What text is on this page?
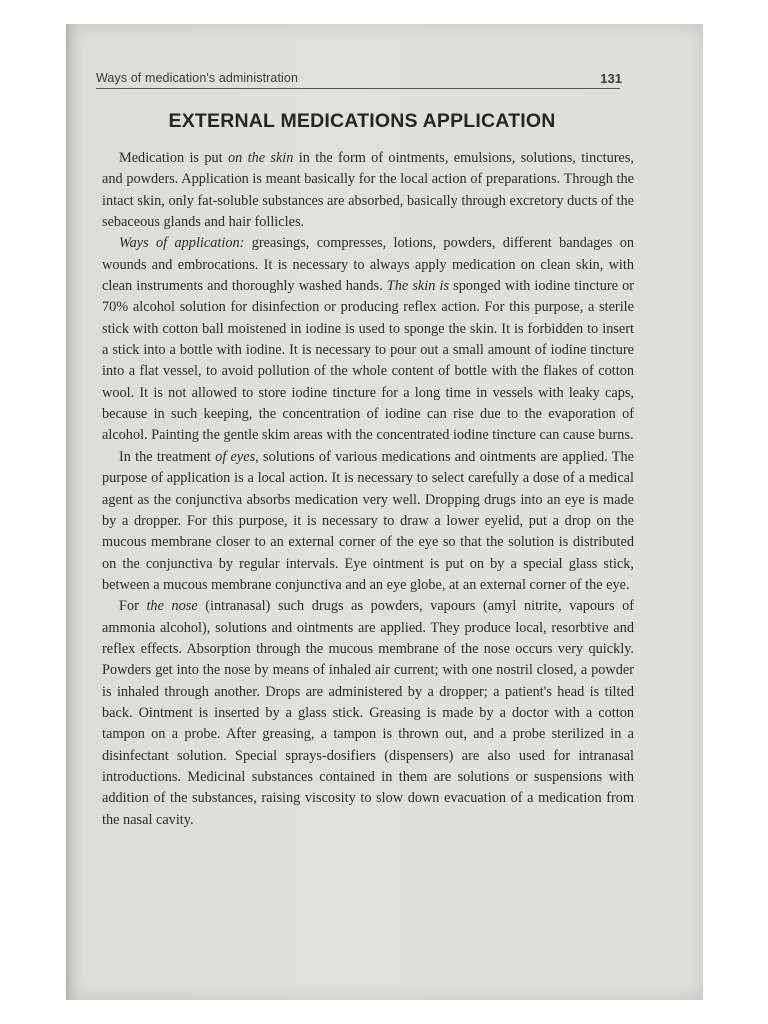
Ways of medication's administration	131
EXTERNAL MEDICATIONS APPLICATION

Medication is put on the skin in the form of ointments, emulsions, solutions, tinctures, and powders. Application is meant basically for the local action of preparations. Through the intact skin, only fat-soluble substances are absorbed, basically through excretory ducts of the sebaceous glands and hair follicles.

Ways of application: greasings, compresses, lotions, powders, different bandages on wounds and embrocations. It is necessary to always apply medication on clean skin, with clean instruments and thoroughly washed hands. The skin is sponged with iodine tincture or 70% alcohol solution for disinfection or producing reflex action. For this purpose, a sterile stick with cotton ball moistened in iodine is used to sponge the skin. It is forbidden to insert a stick into a bottle with iodine. It is necessary to pour out a small amount of iodine tincture into a flat vessel, to avoid pollution of the whole content of bottle with the flakes of cotton wool. It is not allowed to store iodine tincture for a long time in vessels with leaky caps, because in such keeping, the concentration of iodine can rise due to the evaporation of alcohol. Painting the gentle skim areas with the concentrated iodine tincture can cause burns.

In the treatment of eyes, solutions of various medications and ointments are applied. The purpose of application is a local action. It is necessary to select carefully a dose of a medical agent as the conjunctiva absorbs medication very well. Dropping drugs into an eye is made by a dropper. For this purpose, it is necessary to draw a lower eyelid, put a drop on the mucous membrane closer to an external corner of the eye so that the solution is distributed on the conjunctiva by regular intervals. Eye ointment is put on by a special glass stick, between a mucous membrane conjunctiva and an eye globe, at an external corner of the eye.

For the nose (intranasal) such drugs as powders, vapours (amyl nitrite, vapours of ammonia alcohol), solutions and ointments are applied. They produce local, resorbtive and reflex effects. Absorption through the mucous membrane of the nose occurs very quickly. Powders get into the nose by means of inhaled air current; with one nostril closed, a powder is inhaled through another. Drops are administered by a dropper; a patient's head is tilted back. Ointment is inserted by a glass stick. Greasing is made by a doctor with a cotton tampon on a probe. After greasing, a tampon is thrown out, and a probe sterilized in a disinfectant solution. Special sprays-dosifiers (dispensers) are also used for intranasal introductions. Medicinal substances contained in them are solutions or suspensions with addition of the substances, raising viscosity to slow down evacuation of a medication from the nasal cavity.
